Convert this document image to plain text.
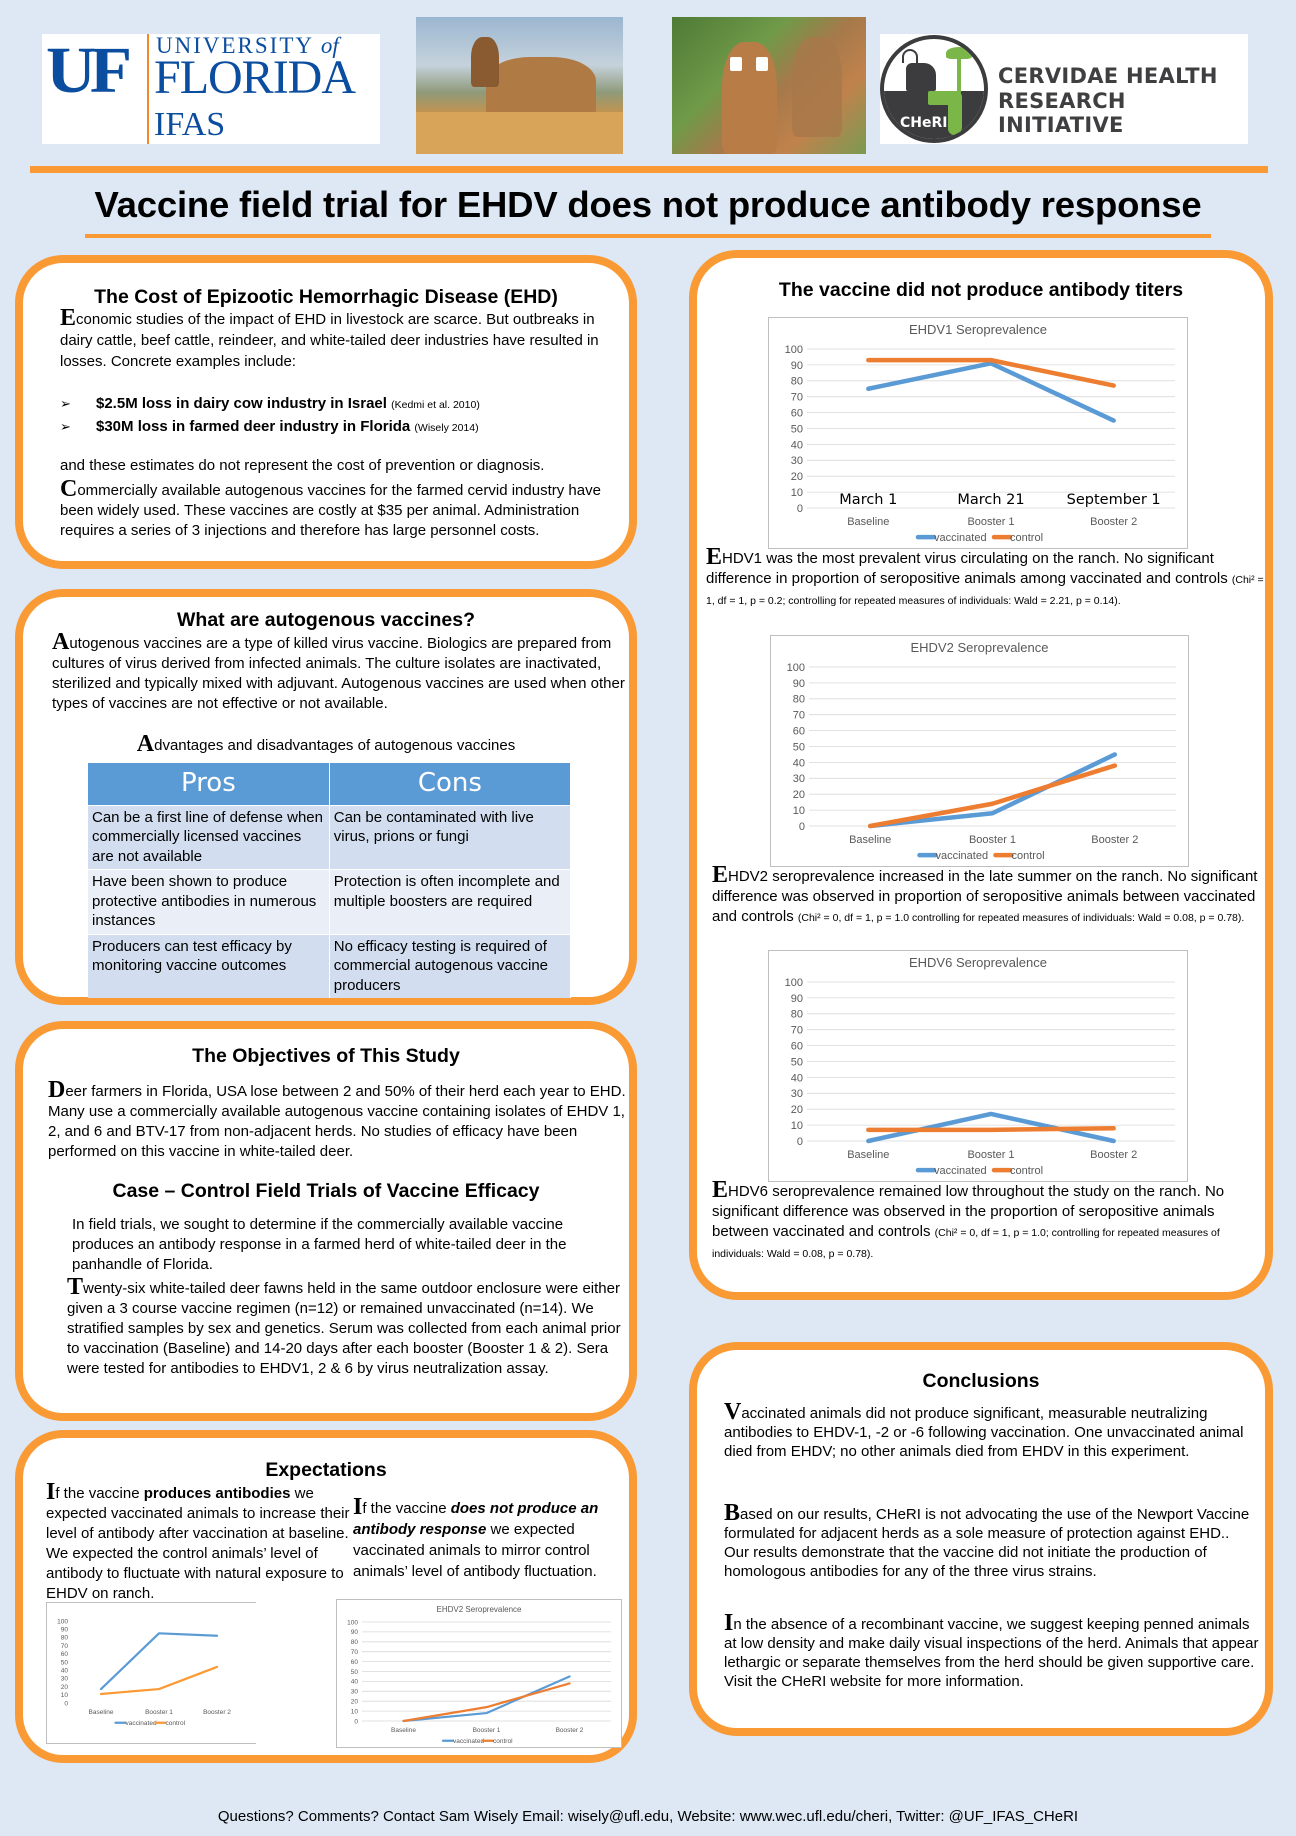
UF UNIVERSITY of
FLORIDA
IFAS	CHeRI
CERVIDAE HEALTH
RESEARCH INITIATIVE
Vaccine field trial for EHDV does not produce antibody response
The Cost of Epizootic Hemorrhagic Disease (EHD)
Economic studies of the impact of EHD in livestock are scarce. But outbreaks in dairy cattle, beef cattle, reindeer, and white-tailed deer industries have resulted in losses. Concrete examples include:
➢ $2.5M loss in dairy cow industry in Israel (Kedmi et al. 2010)
➢ $30M loss in farmed deer industry in Florida (Wisely 2014)
and these estimates do not represent the cost of prevention or diagnosis.
Commercially available autogenous vaccines for the farmed cervid industry have been widely used. These vaccines are costly at $35 per animal. Administration requires a series of 3 injections and therefore has large personnel costs.
What are autogenous vaccines?
Autogenous vaccines are a type of killed virus vaccine. Biologics are prepared from cultures of virus derived from infected animals. The culture isolates are inactivated, sterilized and typically mixed with adjuvant. Autogenous vaccines are used when other types of vaccines are not effective or not available.
Advantages and disadvantages of autogenous vaccines
Pros	Cons
Can be a first line of defense when commercially licensed vaccines are not available	Can be contaminated with live virus, prions or fungi
Have been shown to produce protective antibodies in numerous instances	Protection is often incomplete and multiple boosters are required
Producers can test efficacy by monitoring vaccine outcomes	No efficacy testing is required of commercial autogenous vaccine producers
The Objectives of This Study
Deer farmers in Florida, USA lose between 2 and 50% of their herd each year to EHD. Many use a commercially available autogenous vaccine containing isolates of EHDV 1, 2, and 6 and BTV-17 from non-adjacent herds. No studies of efficacy have been performed on this vaccine in white-tailed deer.
Case – Control Field Trials of Vaccine Efficacy
In field trials, we sought to determine if the commercially available vaccine produces an antibody response in a farmed herd of white-tailed deer in the panhandle of Florida.
Twenty-six white-tailed deer fawns held in the same outdoor enclosure were either given a 3 course vaccine regimen (n=12) or remained unvaccinated (n=14). We stratified samples by sex and genetics. Serum was collected from each animal prior to vaccination (Baseline) and 14-20 days after each booster (Booster 1 & 2). Sera were tested for antibodies to EHDV1, 2 & 6 by virus neutralization assay.
Expectations
If the vaccine produces antibodies we expected vaccinated animals to increase their level of antibody after vaccination at baseline. We expected the control animals’ level of antibody to fluctuate with natural exposure to EHDV on ranch.
If the vaccine does not produce an antibody response we expected vaccinated animals to mirror control animals’ level of antibody fluctuation.
0
10
20
30
40
50
60
70
80
90
100
Baseline	Booster 1	Booster 2
vaccinated control
EHDV2 Seroprevalence
0
10
20
30
40
50
60
70
80
90
100
Baseline	Booster 1	Booster 2
vaccinated control
The vaccine did not produce antibody titers
EHDV1 Seroprevalence
0
10
20
30
40
50
60
70
80
90
100
Baseline	Booster 1	Booster 2
March 1	March 21	September 1
vaccinated control
EHDV1 was the most prevalent virus circulating on the ranch. No significant difference in proportion of seropositive animals among vaccinated and controls (Chi² = 1, df = 1, p = 0.2; controlling for repeated measures of individuals: Wald = 2.21, p = 0.14).
EHDV2 Seroprevalence
0
10
20
30
40
50
60
70
80
90
100
Baseline	Booster 1	Booster 2
vaccinated control
EHDV2 seroprevalence increased in the late summer on the ranch. No significant difference was observed in proportion of seropositive animals between vaccinated and controls (Chi² = 0, df = 1, p = 1.0 controlling for repeated measures of individuals: Wald = 0.08, p = 0.78).
EHDV6 Seroprevalence
0
10
20
30
40
50
60
70
80
90
100
Baseline	Booster 1	Booster 2
vaccinated control
EHDV6 seroprevalence remained low throughout the study on the ranch. No significant difference was observed in the proportion of seropositive animals between vaccinated and controls (Chi² = 0, df = 1, p = 1.0; controlling for repeated measures of individuals: Wald = 0.08, p = 0.78).
Conclusions
Vaccinated animals did not produce significant, measurable neutralizing antibodies to EHDV-1, -2 or -6 following vaccination. One unvaccinated animal died from EHDV; no other animals died from EHDV in this experiment.
Based on our results, CHeRI is not advocating the use of the Newport Vaccine formulated for adjacent herds as a sole measure of protection against EHD.. Our results demonstrate that the vaccine did not initiate the production of homologous antibodies for any of the three virus strains.
In the absence of a recombinant vaccine, we suggest keeping penned animals at low density and make daily visual inspections of the herd. Animals that appear lethargic or separate themselves from the herd should be given supportive care. Visit the CHeRI website for more information.
Questions? Comments? Contact Sam Wisely Email: wisely@ufl.edu, Website: www.wec.ufl.edu/cheri, Twitter: @UF_IFAS_CHeRI
